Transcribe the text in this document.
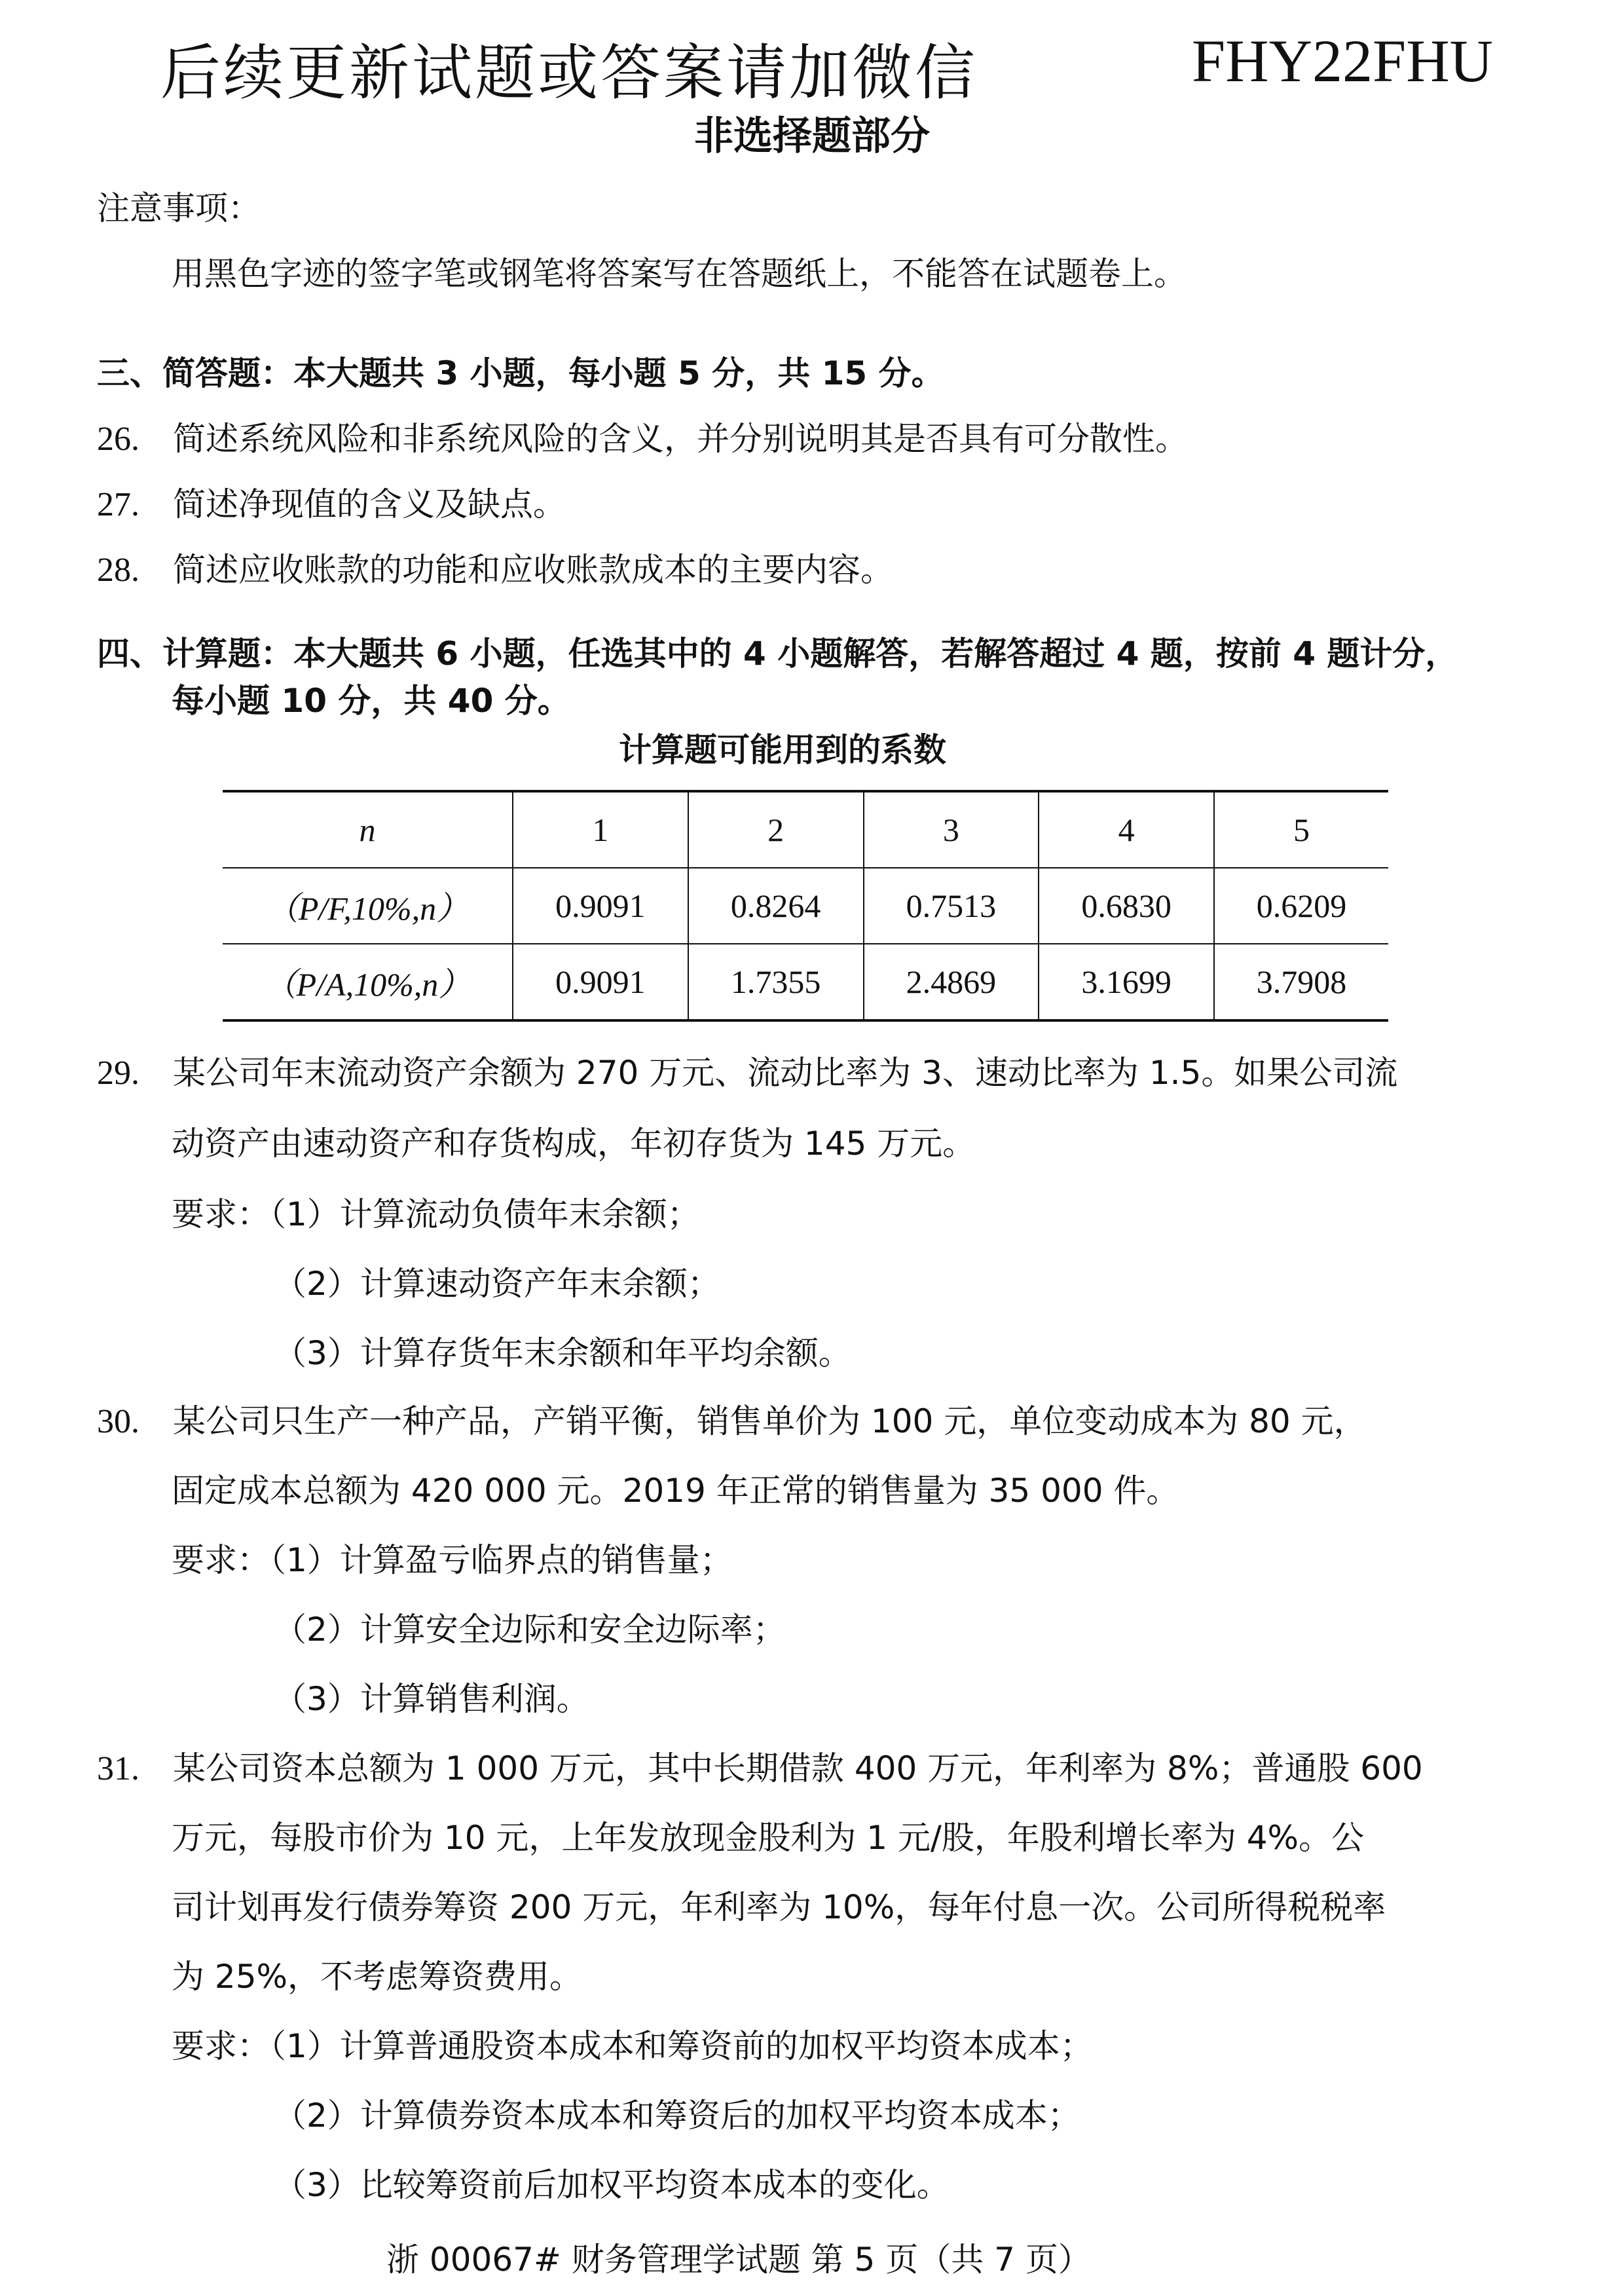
后续更新试题或答案请加微信	FHY22FHU
非选择题部分
注意事项：
用黑色字迹的签字笔或钢笔将答案写在答题纸上，不能答在试题卷上。
三、简答题：本大题共 3 小题，每小题 5 分，共 15 分。
26. 简述系统风险和非系统风险的含义，并分别说明其是否具有可分散性。
27. 简述净现值的含义及缺点。
28. 简述应收账款的功能和应收账款成本的主要内容。
四、计算题：本大题共 6 小题，任选其中的 4 小题解答，若解答超过 4 题，按前 4 题计分，
每小题 10 分，共 40 分。
计算题可能用到的系数
n	1	2	3	4	5
（P/F,10%,n）	0.9091	0.8264	0.7513	0.6830	0.6209
（P/A,10%,n）	0.9091	1.7355	2.4869	3.1699	3.7908
29. 某公司年末流动资产余额为 270 万元、流动比率为 3、速动比率为 1.5。如果公司流
动资产由速动资产和存货构成，年初存货为 145 万元。
要求：（1）计算流动负债年末余额；
（2）计算速动资产年末余额；
（3）计算存货年末余额和年平均余额。
30. 某公司只生产一种产品，产销平衡，销售单价为 100 元，单位变动成本为 80 元，
固定成本总额为 420 000 元。2019 年正常的销售量为 35 000 件。
要求：（1）计算盈亏临界点的销售量；
（2）计算安全边际和安全边际率；
（3）计算销售利润。
31. 某公司资本总额为 1 000 万元，其中长期借款 400 万元，年利率为 8%；普通股 600
万元，每股市价为 10 元，上年发放现金股利为 1 元/股，年股利增长率为 4%。公
司计划再发行债券筹资 200 万元，年利率为 10%，每年付息一次。公司所得税税率
为 25%，不考虑筹资费用。
要求：（1）计算普通股资本成本和筹资前的加权平均资本成本；
（2）计算债券资本成本和筹资后的加权平均资本成本；
（3）比较筹资前后加权平均资本成本的变化。
浙 00067# 财务管理学试题 第 5 页（共 7 页）
